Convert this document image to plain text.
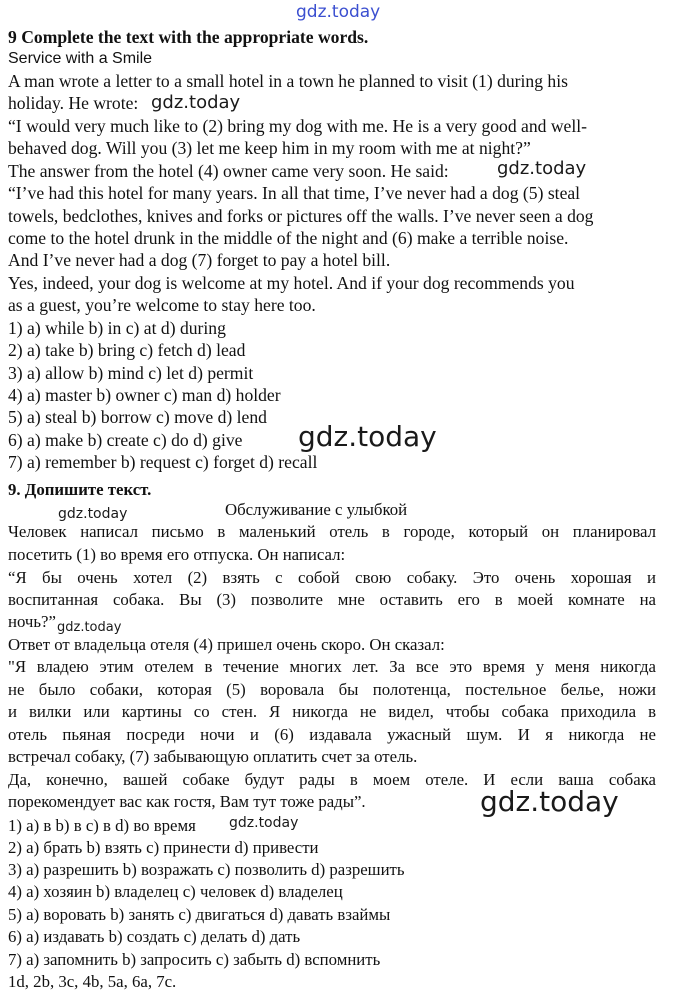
gdz.today
gdz.today
gdz.today
gdz.today
gdz.today
gdz.today
gdz.today
gdz.today
9 Complete the text with the appropriate words.
Service with a Smile
A man wrote a letter to a small hotel in a town he planned to visit (1) during his
holiday. He wrote:
“I would very much like to (2) bring my dog with me. He is a very good and well-
behaved dog. Will you (3) let me keep him in my room with me at night?”
The answer from the hotel (4) owner came very soon. He said:
“I’ve had this hotel for many years. In all that time, I’ve never had a dog (5) steal
towels, bedclothes, knives and forks or pictures off the walls. I’ve never seen a dog
come to the hotel drunk in the middle of the night and (6) make a terrible noise.
And I’ve never had a dog (7) forget to pay a hotel bill.
Yes, indeed, your dog is welcome at my hotel. And if your dog recommends you
as a guest, you’re welcome to stay here too.
1) a) while b) in c) at d) during
2) a) take b) bring c) fetch d) lead
3) a) allow b) mind c) let d) permit
4) a) master b) owner c) man d) holder
5) a) steal b) borrow c) move d) lend
6) a) make b) create c) do d) give
7) a) remember b) request c) forget d) recall
9. Допишите текст.
Обслуживание с улыбкой
Человек написал письмо в маленький отель в городе, который он планировал
посетить (1) во время его отпуска. Он написал:
“Я бы очень хотел (2) взять с собой свою собаку. Это очень хорошая и
воспитанная собака. Вы (3) позволите мне оставить его в моей комнате на
ночь?”
Ответ от владельца отеля (4) пришел очень скоро. Он сказал:
"Я владею этим отелем в течение многих лет. За все это время у меня никогда
не было собаки, которая (5) воровала бы полотенца, постельное белье, ножи
и вилки или картины со стен. Я никогда не видел, чтобы собака приходила в
отель пьяная посреди ночи и (6) издавала ужасный шум. И я никогда не
встречал собаку, (7) забывающую оплатить счет за отель.
Да, конечно, вашей собаке будут рады в моем отеле. И если ваша собака
порекомендует вас как гостя, Вам тут тоже рады”.
1) а) в b) в с) в d) во время
2) а) брать b) взять с) принести d) привести
3) а) разрешить b) возражать с) позволить d) разрешить
4) а) хозяин b) владелец с) человек d) владелец
5) а) воровать b) занять с) двигаться d) давать взаймы
6) а) издавать b) создать с) делать d) дать
7) а) запомнить b) запросить с) забыть d) вспомнить
1d, 2b, 3c, 4b, 5a, 6a, 7c.
